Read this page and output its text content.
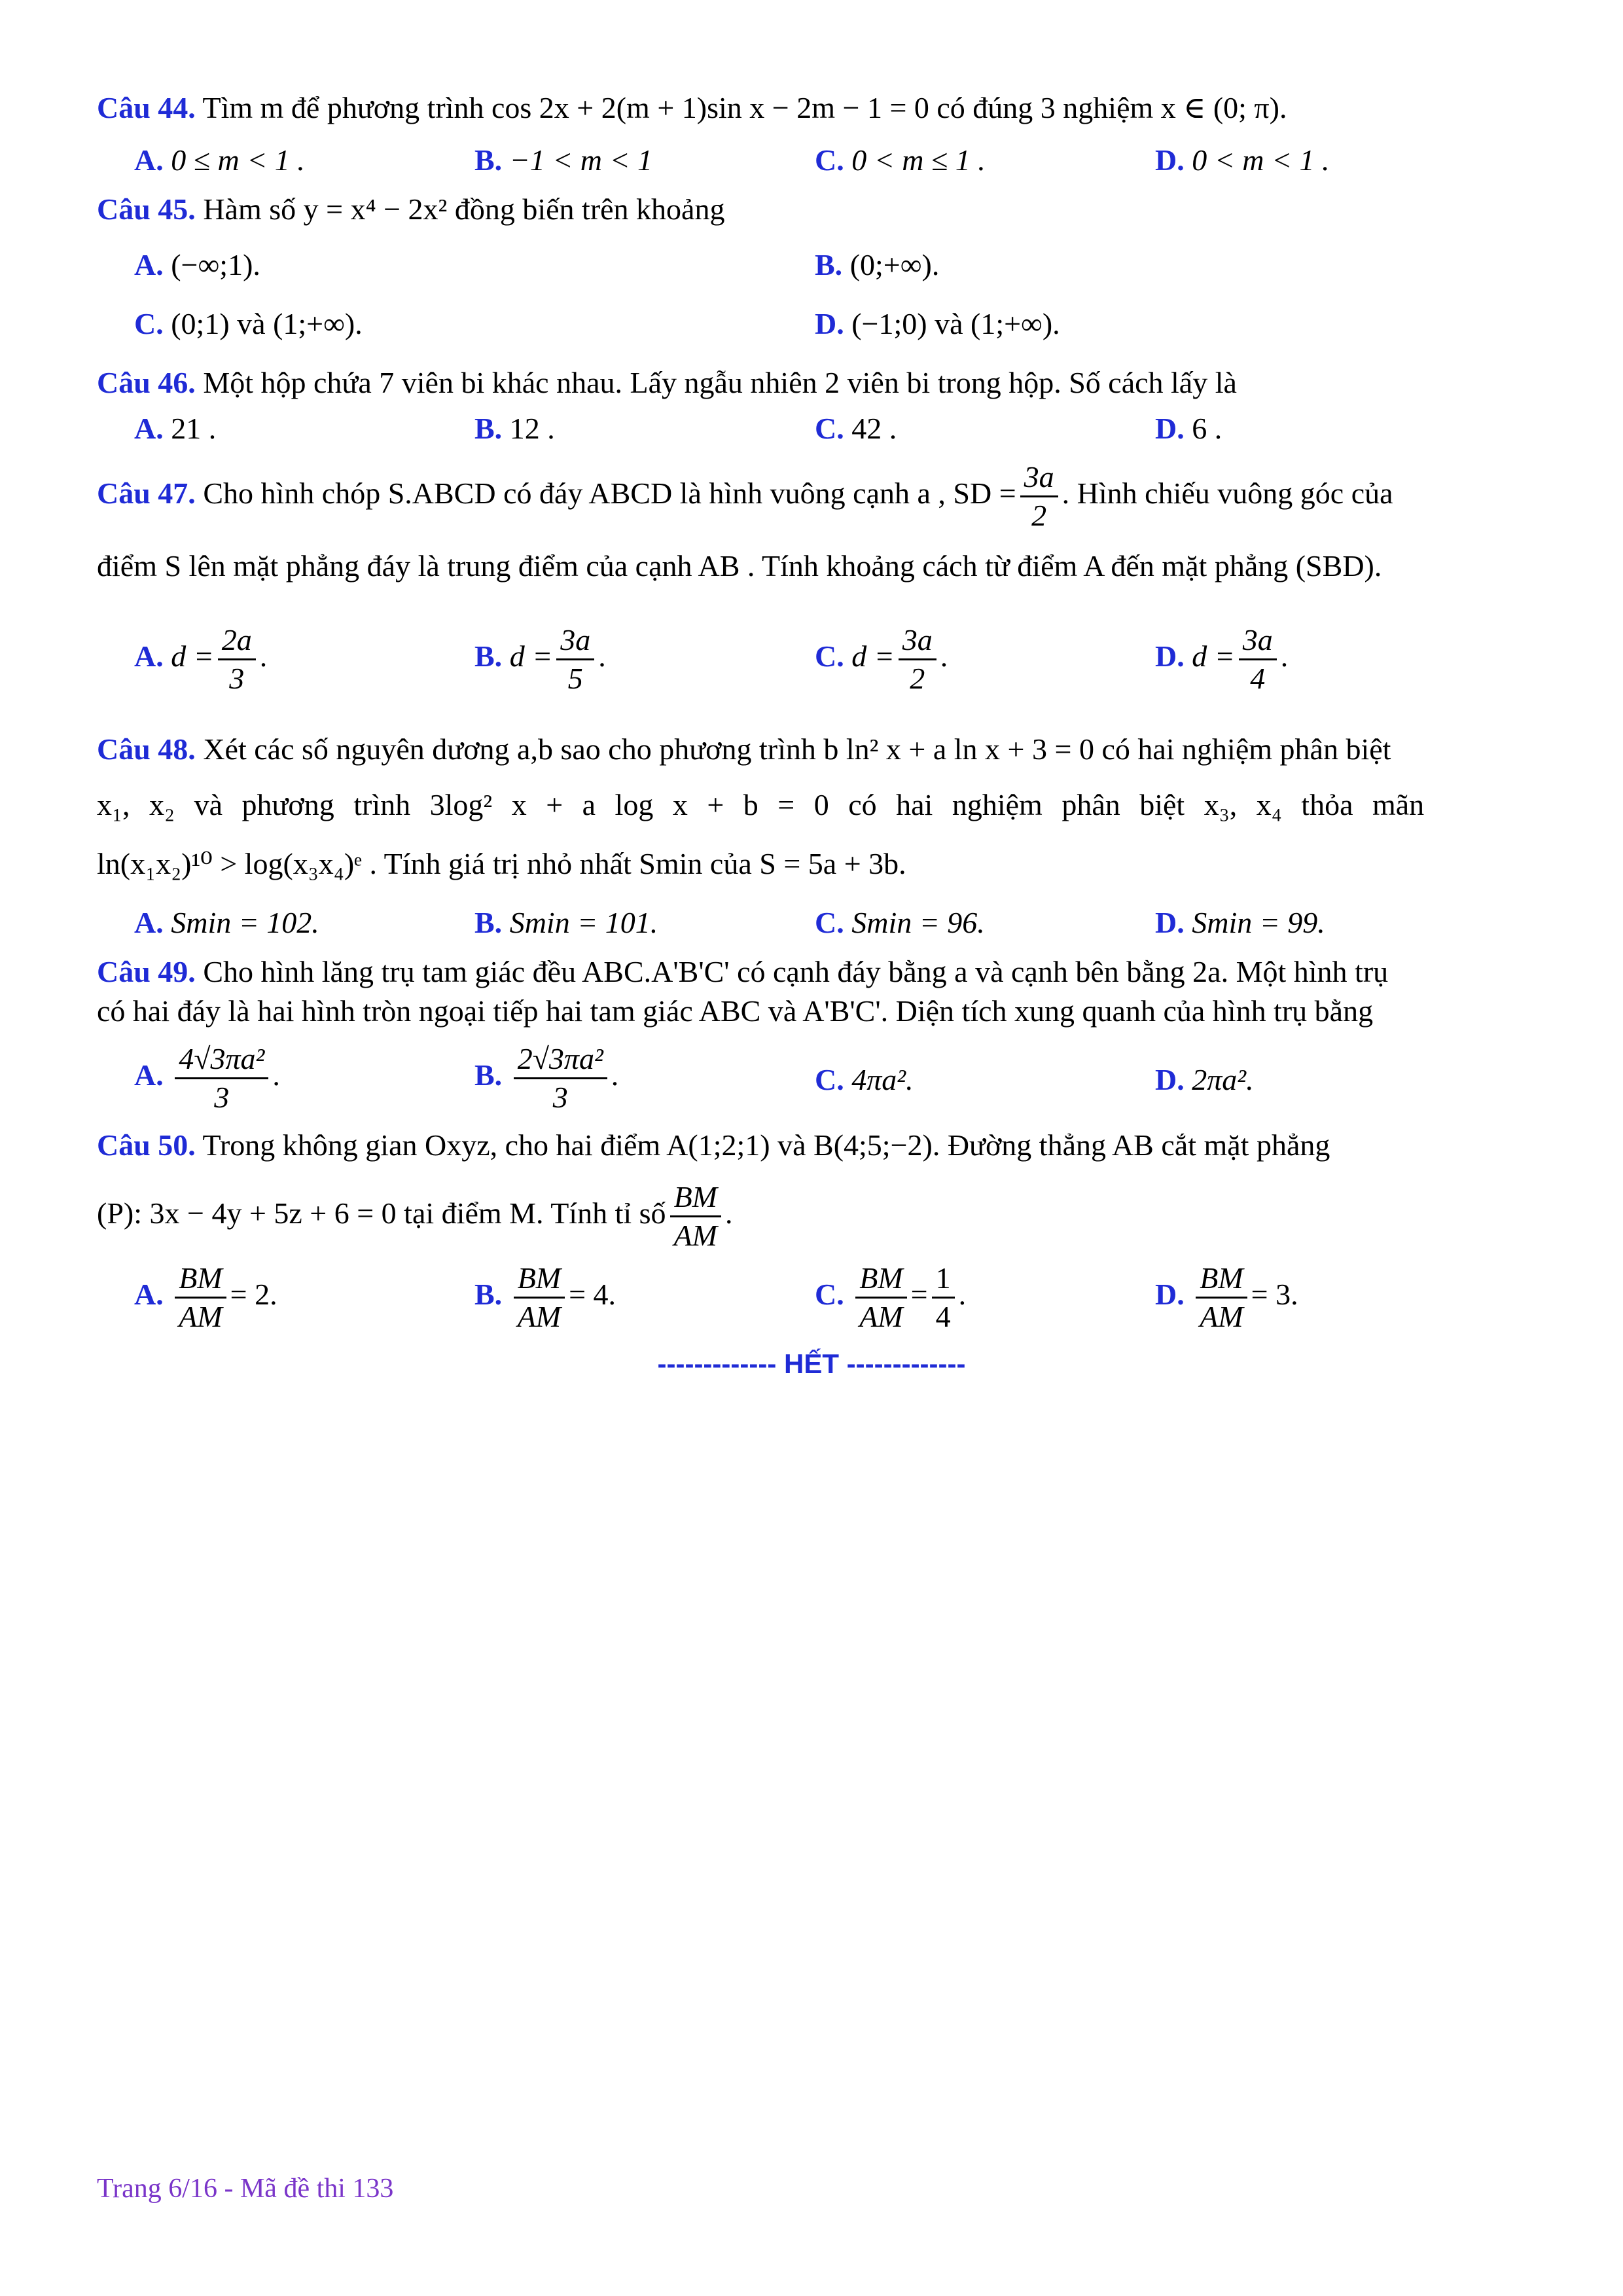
Câu 44. Tìm m để phương trình cos 2x + 2(m + 1)sin x − 2m − 1 = 0 có đúng 3 nghiệm x ∈ (0; π).
A. 0 ≤ m < 1 .	B. −1 < m < 1	C. 0 < m ≤ 1 .	D. 0 < m < 1 .
Câu 45. Hàm số y = x⁴ − 2x² đồng biến trên khoảng
A. (−∞;1).	B. (0;+∞).
C. (0;1) và (1;+∞).	D. (−1;0) và (1;+∞).
Câu 46. Một hộp chứa 7 viên bi khác nhau. Lấy ngẫu nhiên 2 viên bi trong hộp. Số cách lấy là
A. 21 .	B. 12 .	C. 42 .	D. 6 .
Câu 47. Cho hình chóp S.ABCD có đáy ABCD là hình vuông cạnh a , SD = $\frac{3a}{2}$ . Hình chiếu vuông góc của
điểm S lên mặt phẳng đáy là trung điểm của cạnh AB . Tính khoảng cách từ điểm A đến mặt phẳng (SBD).
A. $d = \frac{2a}{3}$ .	B. $d = \frac{3a}{5}$ .	C. $d = \frac{3a}{2}$ .	D. $d = \frac{3a}{4}$ .
Câu 48. Xét các số nguyên dương a,b sao cho phương trình b ln² x + a ln x + 3 = 0 có hai nghiệm phân biệt
x₁, x₂ và phương trình 3log² x + a log x + b = 0 có hai nghiệm phân biệt x₃, x₄ thỏa mãn
ln(x₁x₂)¹⁰ > log(x₃x₄)ᵉ . Tính giá trị nhỏ nhất Smin của S = 5a + 3b.
A. Smin = 102.	B. Smin = 101.	C. Smin = 96.	D. Smin = 99.
Câu 49. Cho hình lăng trụ tam giác đều ABC.A'B'C' có cạnh đáy bằng a và cạnh bên bằng 2a. Một hình trụ
có hai đáy là hai hình tròn ngoại tiếp hai tam giác ABC và A'B'C'. Diện tích xung quanh của hình trụ bằng
A. $\frac{\text{4√3πa²}}{3}$ .	B. $\frac{\text{2√3πa²}}{3}$ .	C. 4πa².	D. 2πa².
Câu 50. Trong không gian Oxyz, cho hai điểm A(1;2;1) và B(4;5;−2). Đường thẳng AB cắt mặt phẳng
(P): 3x − 4y + 5z + 6 = 0 tại điểm M. Tính tỉ số $\frac{BM}{AM}$ .
A. $\frac{BM}{AM} = 2$.	B. $\frac{BM}{AM} = 4$.	C. $\frac{BM}{AM} = \frac{1}{4}$ .	D. $\frac{BM}{AM} = 3$.
------------- HẾT -------------
Trang 6/16 - Mã đề thi 133
